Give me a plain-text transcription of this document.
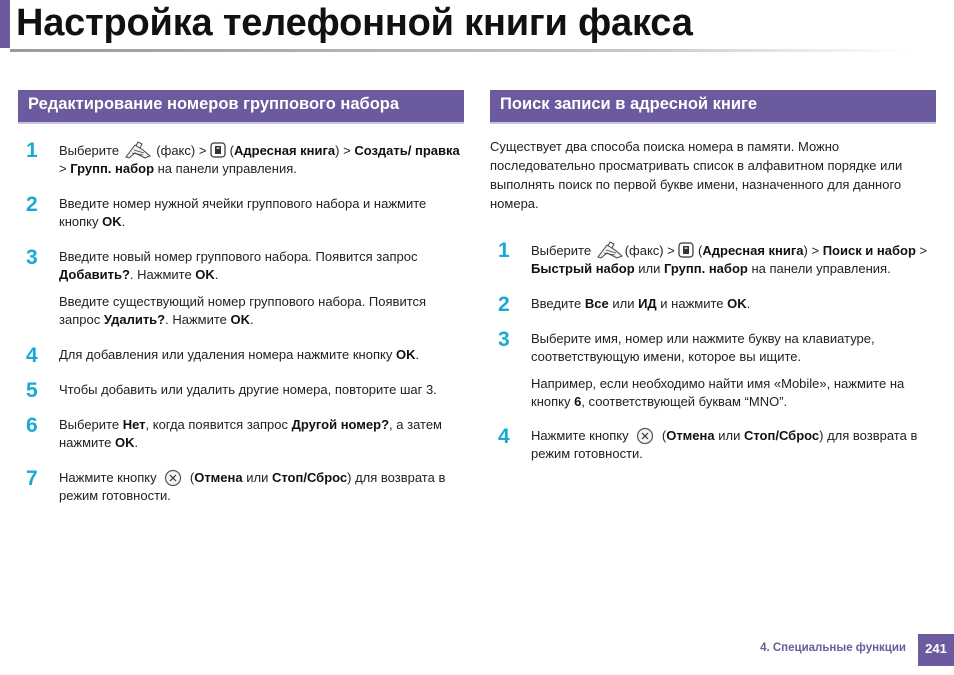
Настройка телефонной книги факса
Редактирование номеров группового набора
1 Выберите  (факс) >  (Адресная книга) > Создать/ правка > Групп. набор на панели управления.
2 Введите номер нужной ячейки группового набора и нажмите кнопку OK.
3 Введите новый номер группового набора. Появится запрос Добавить?. Нажмите OK.
Введите существующий номер группового набора. Появится запрос Удалить?. Нажмите OK.
4 Для добавления или удаления номера нажмите кнопку OK.
5 Чтобы добавить или удалить другие номера, повторите шаг 3.
6 Выберите Нет, когда появится запрос Другой номер?, а затем нажмите OK.
7 Нажмите кнопку  (Отмена или Стоп/Сброс) для возврата в режим готовности.
Поиск записи в адресной книге

Существует два способа поиска номера в памяти. Можно последовательно просматривать список в алфавитном порядке или выполнять поиск по первой букве имени, назначенного для данного номера.

1 Выберите (факс) >  (Адресная книга) > Поиск и набор > Быстрый набор или Групп. набор на панели управления.
2 Введите Все или ИД и нажмите OK.
3 Выберите имя, номер или нажмите букву на клавиатуре, соответствующую имени, которое вы ищите.
Например, если необходимо найти имя «Mobile», нажмите на кнопку 6, соответствующей буквам “MNO”.
4 Нажмите кнопку  (Отмена или Стоп/Сброс) для возврата в режим готовности.
4. Специальные функции	241
